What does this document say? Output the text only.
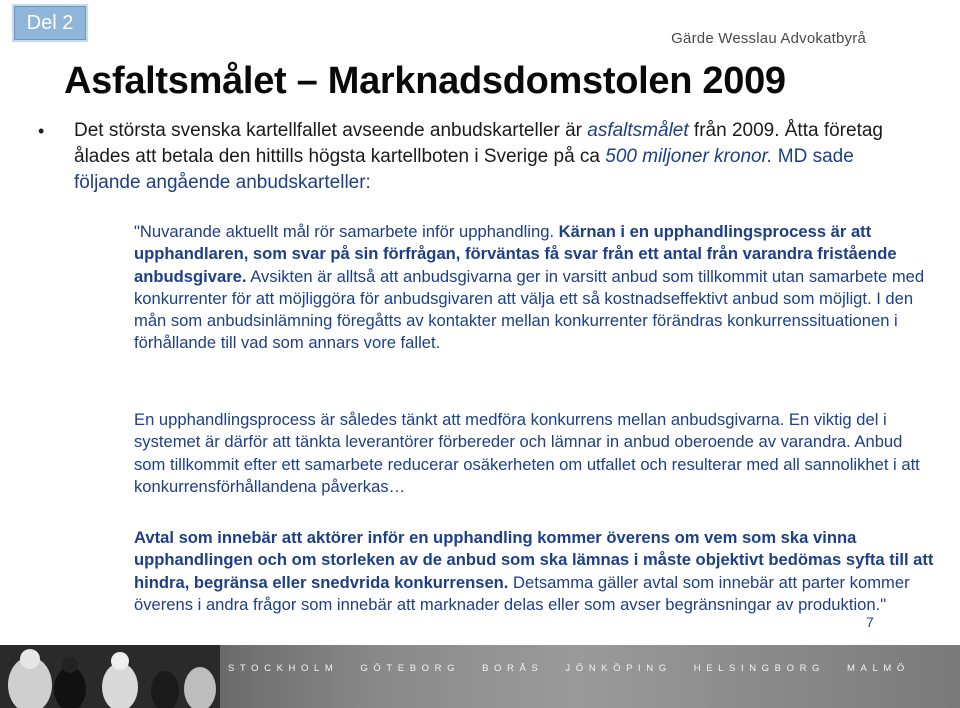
Del 2
Gärde Wesslau Advokatbyrå
Asfaltsmålet – Marknadsdomstolen 2009
• Det största svenska kartellfallet avseende anbudskarteller är asfaltsmålet från 2009. Åtta företag ålades att betala den hittills högsta kartellboten i Sverige på ca 500 miljoner kronor. MD sade följande angående anbudskarteller:
"Nuvarande aktuellt mål rör samarbete inför upphandling. Kärnan i en upphandlingsprocess är att upphandlaren, som svar på sin förfrågan, förväntas få svar från ett antal från varandra fristående anbudsgivare. Avsikten är alltså att anbudsgivarna ger in varsitt anbud som tillkommit utan samarbete med konkurrenter för att möjliggöra för anbudsgivaren att välja ett så kostnadseffektivt anbud som möjligt. I den mån som anbudsinlämning föregåtts av kontakter mellan konkurrenter förändras konkurrenssituationen i förhållande till vad som annars vore fallet.
En upphandlingsprocess är således tänkt att medföra konkurrens mellan anbudsgivarna. En viktig del i systemet är därför att tänkta leverantörer förbereder och lämnar in anbud oberoende av varandra. Anbud som tillkommit efter ett samarbete reducerar osäkerheten om utfallet och resulterar med all sannolikhet i att konkurrensförhållandena påverkas…
Avtal som innebär att aktörer inför en upphandling kommer överens om vem som ska vinna upphandlingen och om storleken av de anbud som ska lämnas i måste objektivt bedömas syfta till att hindra, begränsa eller snedvrida konkurrensen. Detsamma gäller avtal som innebär att parter kommer överens i andra frågor som innebär att marknader delas eller som avser begränsningar av produktion."
7
STOCKHOLM GÖTEBORG BORÅS JÖNKÖPING HELSINGBORG MALMÖ
